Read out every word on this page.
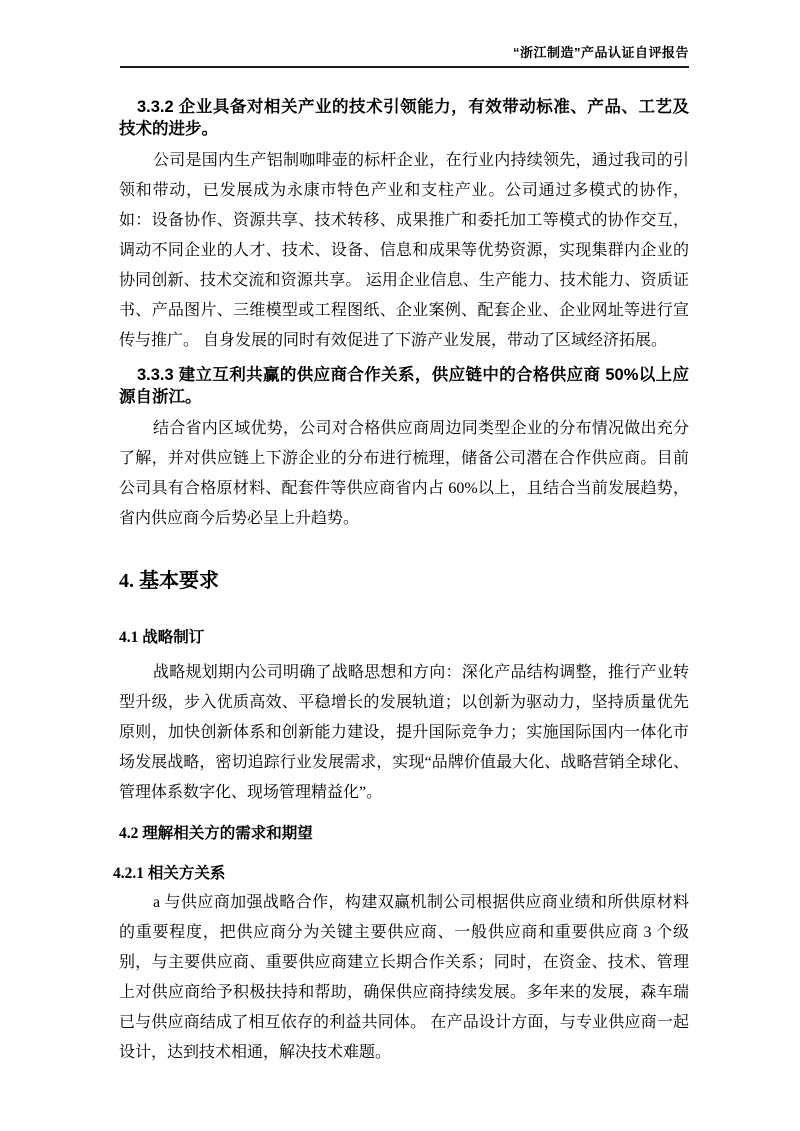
“浙江制造”产品认证自评报告
3.3.2 企业具备对相关产业的技术引领能力，有效带动标准、产品、工艺及技术的进步。

公司是国内生产铝制咖啡壶的标杆企业，在行业内持续领先，通过我司的引领和带动，已发展成为永康市特色产业和支柱产业。公司通过多模式的协作，如：设备协作、资源共享、技术转移、成果推广和委托加工等模式的协作交互，调动不同企业的人才、技术、设备、信息和成果等优势资源，实现集群内企业的协同创新、技术交流和资源共享。 运用企业信息、生产能力、技术能力、资质证书、产品图片、三维模型或工程图纸、企业案例、配套企业、企业网址等进行宣传与推广。 自身发展的同时有效促进了下游产业发展，带动了区域经济拓展。

3.3.3 建立互利共赢的供应商合作关系，供应链中的合格供应商 50%以上应源自浙江。

结合省内区域优势，公司对合格供应商周边同类型企业的分布情况做出充分了解，并对供应链上下游企业的分布进行梳理，储备公司潜在合作供应商。目前公司具有合格原材料、配套件等供应商省内占 60%以上，且结合当前发展趋势，省内供应商今后势必呈上升趋势。

4. 基本要求
4.1 战略制订

战略规划期内公司明确了战略思想和方向：深化产品结构调整，推行产业转型升级，步入优质高效、平稳增长的发展轨道；以创新为驱动力，坚持质量优先原则，加快创新体系和创新能力建设，提升国际竞争力；实施国际国内一体化市场发展战略，密切追踪行业发展需求，实现“品牌价值最大化、战略营销全球化、管理体系数字化、现场管理精益化”。

4.2 理解相关方的需求和期望
4.2.1 相关方关系

a 与供应商加强战略合作，构建双赢机制公司根据供应商业绩和所供原材料的重要程度，把供应商分为关键主要供应商、一般供应商和重要供应商 3 个级别，与主要供应商、重要供应商建立长期合作关系；同时，在资金、技术、管理上对供应商给予积极扶持和帮助，确保供应商持续发展。多年来的发展，森车瑞已与供应商结成了相互依存的利益共同体。 在产品设计方面，与专业供应商一起设计，达到技术相通，解决技术难题。
